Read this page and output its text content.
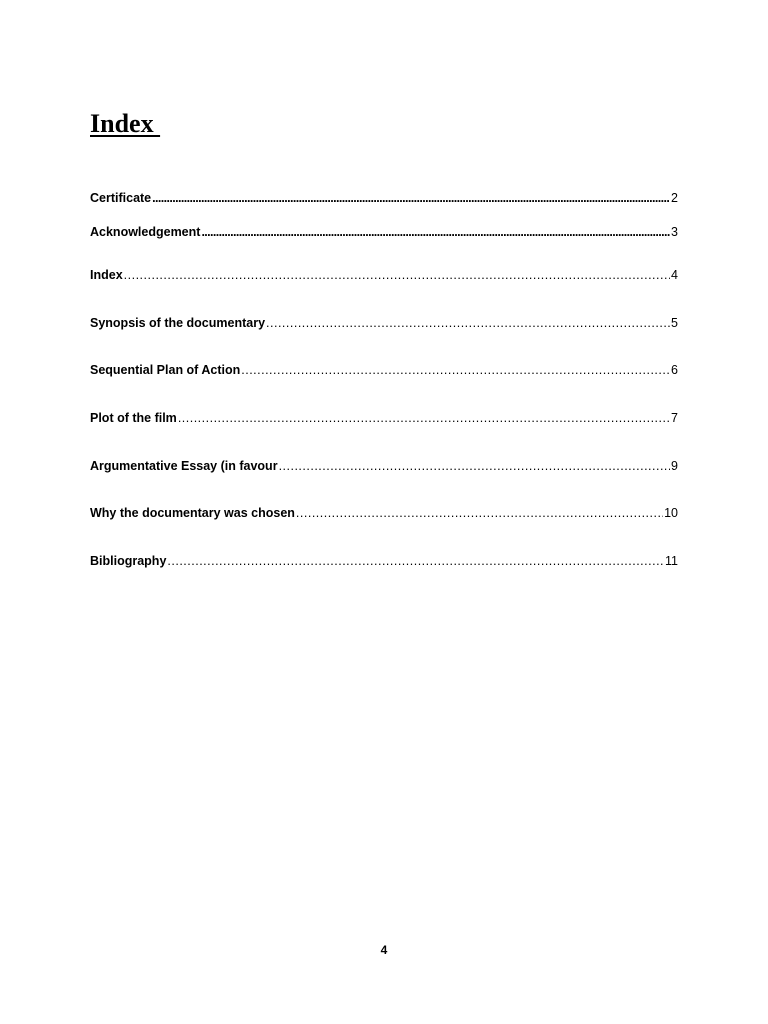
Index
Certificate .....	2
Acknowledgement .....	3
Index .....	4
Synopsis of the documentary .....	5
Sequential Plan of Action .....	6
Plot of the film .....	7
Argumentative Essay (in favour .....	9
Why the documentary was chosen .....	10
Bibliography .....	11
4
